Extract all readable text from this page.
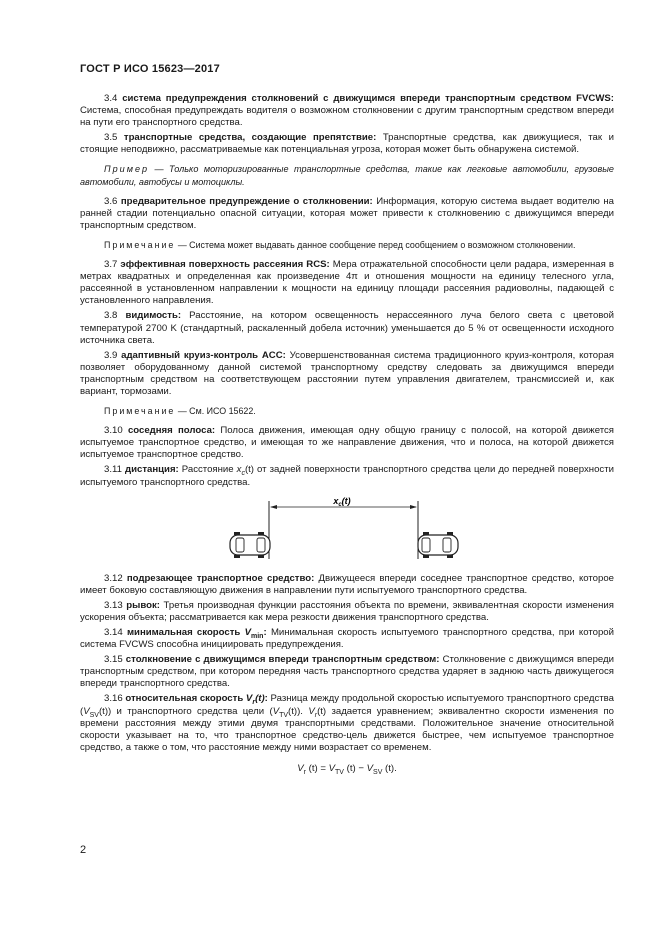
ГОСТ Р ИСО 15623—2017

3.4 система предупреждения столкновений с движущимся впереди транспортным средством FVCWS: Система, способная предупреждать водителя о возможном столкновении с другим транспортным средством впереди на пути его транспортного средства.

3.5 транспортные средства, создающие препятствие: Транспортные средства, как движущиеся, так и стоящие неподвижно, рассматриваемые как потенциальная угроза, которая может быть обнаружена системой.

Пример — Только моторизированные транспортные средства, такие как легковые автомобили, грузовые автомобили, автобусы и мотоциклы.

3.6 предварительное предупреждение о столкновении: Информация, которую система выдает водителю на ранней стадии потенциально опасной ситуации, которая может привести к столкновению с движущимся впереди транспортным средством.

Примечание — Система может выдавать данное сообщение перед сообщением о возможном столкновении.

3.7 эффективная поверхность рассеяния RCS: Мера отражательной способности цели радара, измеренная в метрах квадратных и определенная как произведение 4π и отношения мощности на единицу телесного угла, рассеянной в установленном направлении к мощности на единицу площади рассеяния радиоволны, падающей с установленного направления.

3.8 видимость: Расстояние, на котором освещенность нерассеянного луча белого света с цветовой температурой 2700 K (стандартный, раскаленный добела источник) уменьшается до 5 % от освещенности исходного источника света.

3.9 адаптивный круиз-контроль ACC: Усовершенствованная система традиционного круиз-контроля, которая позволяет оборудованному данной системой транспортному средству следовать за движущимся впереди транспортным средством на соответствующем расстоянии путем управления двигателем, трансмиссией и, как вариант, тормозами.

Примечание — См. ИСО 15622.

3.10 соседняя полоса: Полоса движения, имеющая одну общую границу с полосой, на которой движется испытуемое транспортное средство, и имеющая то же направление движения, что и полоса, на которой движется испытуемое транспортное средство.

3.11 дистанция: Расстояние $x_c(t)$ от задней поверхности транспортного средства цели до передней поверхности испытуемого транспортного средства.

$x_c(t)$

3.12 подрезающее транспортное средство: Движущееся впереди соседнее транспортное средство, которое имеет боковую составляющую движения в направлении пути испытуемого транспортного средства.

3.13 рывок: Третья производная функции расстояния объекта по времени, эквивалентная скорости изменения ускорения объекта; рассматривается как мера резкости движения транспортного средства.

3.14 минимальная скорость $V_{min}$: Минимальная скорость испытуемого транспортного средства, при которой система FVCWS способна инициировать предупреждения.

3.15 столкновение с движущимся впереди транспортным средством: Столкновение с движущимся впереди транспортным средством, при котором передняя часть транспортного средства ударяет в заднюю часть движущегося впереди транспортного средства.

3.16 относительная скорость $V_r(t)$: Разница между продольной скоростью испытуемого транспортного средства $(V_{SV}(t))$ и транспортного средства цели $(V_{TV}(t))$. $V_r(t)$ задается уравнением; эквивалентно скорости изменения по времени расстояния между этими двумя транспортными средствами. Положительное значение относительной скорости указывает на то, что транспортное средство-цель движется быстрее, чем испытуемое транспортное средство, а также о том, что расстояние между ними возрастает со временем.

$V_r$ $(t) = V_{TV}$ $(t) - V_{SV}$ (t).
2
